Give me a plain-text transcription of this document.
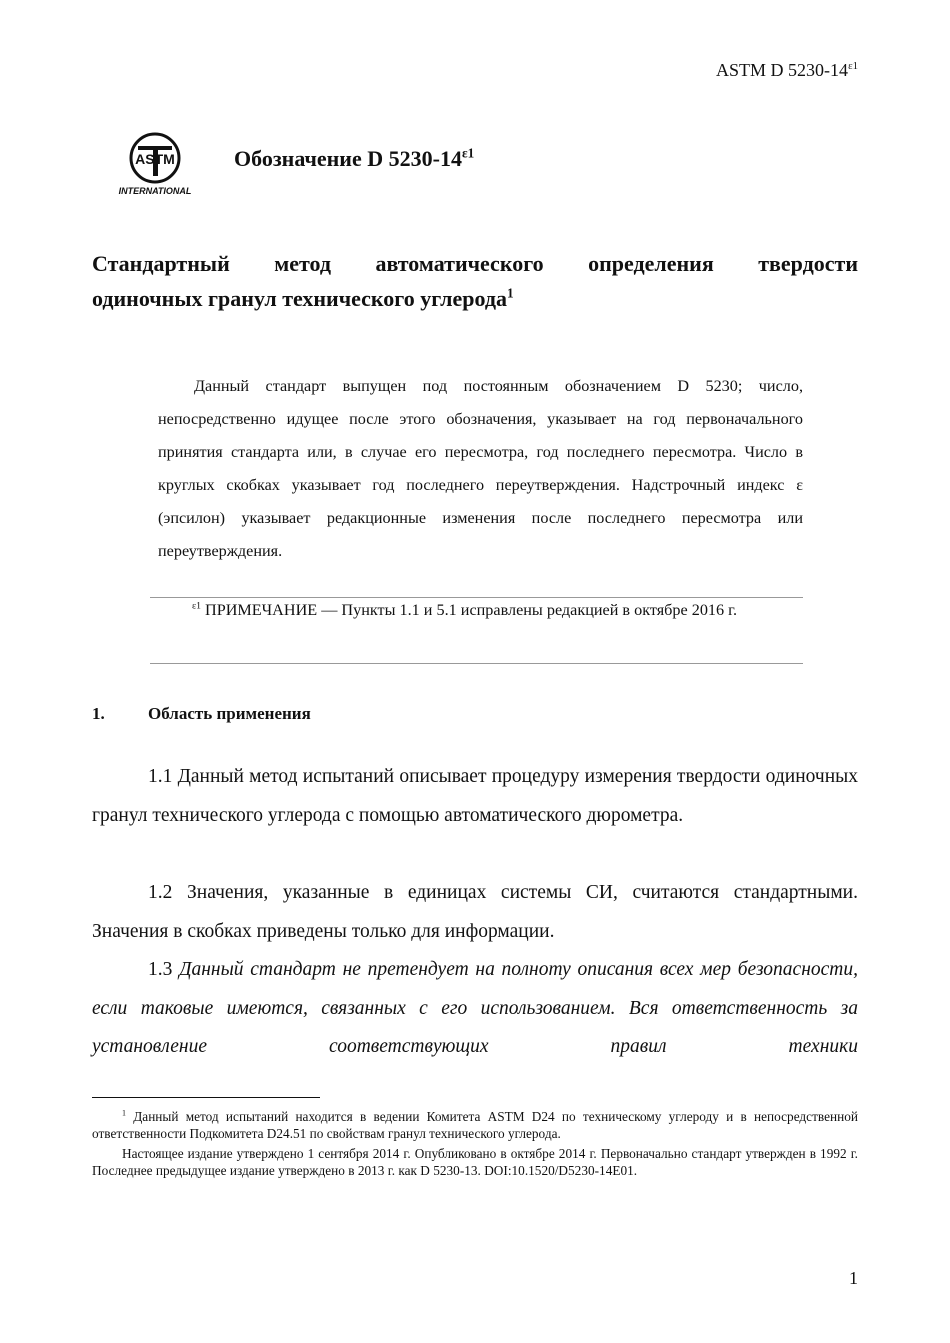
ASTM D $5230-14^{\varepsilon 1}$
ASTM
INTERNATIONAL
Обозначение D $5230-14^{\varepsilon 1}$
Стандартный метод автоматического определения твердости
одиночных гранул технического углерода$^1$
Данный стандарт выпущен под постоянным обозначением D 5230; число, непосредственно идущее после этого обозначения, указывает на год первоначального принятия стандарта или, в случае его пересмотра, год последнего пересмотра. Число в круглых скобках указывает год последнего переутверждения. Надстрочный индекс ε (эпсилон) указывает редакционные изменения после последнего пересмотра или переутверждения.
$^{\varepsilon 1}$ ПРИМЕЧАНИЕ — Пункты 1.1 и 5.1 исправлены редакцией в октябре 2016 г.
1.	Область применения
1.1 Данный метод испытаний описывает процедуру измерения твердости одиночных гранул технического углерода с помощью автоматического дюрометра.
1.2 Значения, указанные в единицах системы СИ, считаются стандартными. Значения в скобках приведены только для информации.
1.3 Данный стандарт не претендует на полноту описания всех мер безопасности, если таковые имеются, связанных с его использованием. Вся ответственность за установление соответствующих правил техники
$^1$ Данный метод испытаний находится в ведении Комитета ASTM D24 по техническому углероду и в непосредственной ответственности Подкомитета D24.51 по свойствам гранул технического углерода.
Настоящее издание утверждено 1 сентября 2014 г. Опубликовано в октябре 2014 г. Первоначально стандарт утвержден в 1992 г. Последнее предыдущее издание утверждено в 2013 г. как D 5230-13. DOI:10.1520/D5230-14E01.
1
